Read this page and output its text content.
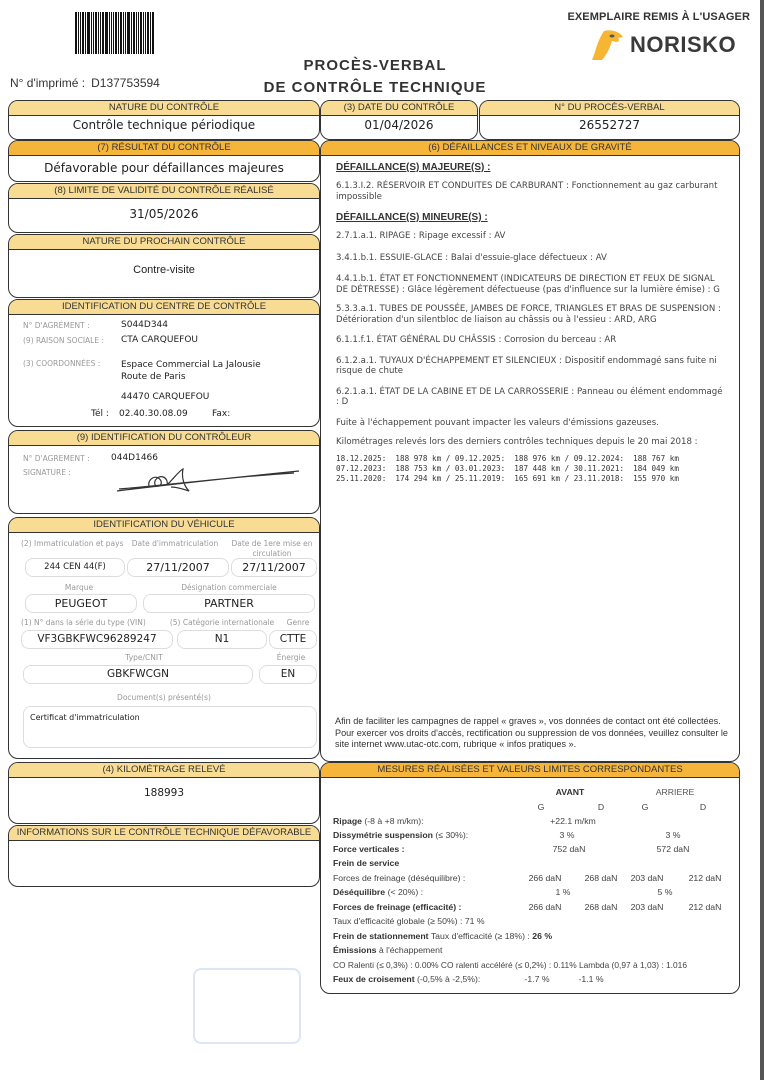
EXEMPLAIRE REMIS À L'USAGER
NORISKO
PROCÈS-VERBAL
DE CONTRÔLE TECHNIQUE
N° d'imprimé : D137753594
NATURE DU CONTRÔLE
Contrôle technique périodique
(3) DATE DU CONTRÔLE
01/04/2026
N° DU PROCÈS-VERBAL
26552727
(7) RÉSULTAT DU CONTRÔLE
Défavorable pour défaillances majeures
(8) LIMITE DE VALIDITÉ DU CONTRÔLE RÉALISÉ
31/05/2026
NATURE DU PROCHAIN CONTRÔLE
Contre-visite
IDENTIFICATION DU CENTRE DE CONTRÔLE
N° D'AGRÉMENT :	S044D344
(9) RAISON SOCIALE : CTA CARQUEFOU
(3) COORDONNÉES : Espace Commercial La Jalousie
Route de Paris
44470 CARQUEFOU
Tél : 02.40.30.08.09	Fax:
(9) IDENTIFICATION DU CONTRÔLEUR
N° D'AGREMENT : 044D1466
SIGNATURE :
IDENTIFICATION DU VÉHICULE
(2) Immatriculation et pays	Date d'immatriculation	Date de 1ere mise en circulation
244 CEN 44(F)	27/11/2007	27/11/2007
Marque	Désignation commerciale
PEUGEOT	PARTNER
(1) N° dans la série du type (VIN)	(5) Catégorie internationale	Genre
VF3GBKFWC96289247	N1	CTTE
Type/CNIT	Énergie
GBKFWCGN	EN
Document(s) présenté(s)
Certificat d'immatriculation
(4) KILOMÉTRAGE RELEVÉ
188993
INFORMATIONS SUR LE CONTRÔLE TECHNIQUE DÉFAVORABLE
(6) DÉFAILLANCES ET NIVEAUX DE GRAVITÉ
DÉFAILLANCE(S) MAJEURE(S) :
6.1.3.I.2. RÉSERVOIR ET CONDUITES DE CARBURANT : Fonctionnement au gaz carburant impossible
DÉFAILLANCE(S) MINEURE(S) :
2.7.1.a.1. RIPAGE : Ripage excessif : AV
3.4.1.b.1. ESSUIE-GLACE : Balai d'essuie-glace défectueux : AV
4.4.1.b.1. ÉTAT ET FONCTIONNEMENT (INDICATEURS DE DIRECTION ET FEUX DE SIGNAL DE DÉTRESSE) : Glâce légèrement défectueuse (pas d'influence sur la lumière émise) : G
5.3.3.a.1. TUBES DE POUSSÉE, JAMBES DE FORCE, TRIANGLES ET BRAS DE SUSPENSION : Détérioration d'un silentbloc de liaison au châssis ou à l'essieu : ARD, ARG
6.1.1.f.1. ÉTAT GÉNÉRAL DU CHÂSSIS : Corrosion du berceau : AR
6.1.2.a.1. TUYAUX D'ÉCHAPPEMENT ET SILENCIEUX : Dispositif endommagé sans fuite ni risque de chute
6.2.1.a.1. ÉTAT DE LA CABINE ET DE LA CARROSSERIE : Panneau ou élément endommagé : D
Fuite à l'échappement pouvant impacter les valeurs d'émissions gazeuses.
Kilométrages relevés lors des derniers contrôles techniques depuis le 20 mai 2018 :
18.12.2025:  188 978 km / 09.12.2025:  188 976 km / 09.12.2024:  188 767 km
07.12.2023:  188 753 km / 03.01.2023:  187 448 km / 30.11.2021:  184 049 km
25.11.2020:  174 294 km / 25.11.2019:  165 691 km / 23.11.2018:  155 970 km
Afin de faciliter les campagnes de rappel « graves », vos données de contact ont été collectées. Pour exercer vos droits d'accès, rectification ou suppression de vos données, veuillez consulter le site internet www.utac-otc.com, rubrique « infos pratiques ».
MESURES RÉALISÉES ET VALEURS LIMITES CORRESPONDANTES
AVANT	ARRIERE
G	D	G	D
Ripage (-8 à +8 m/km):	+22.1 m/km
Dissymétrie suspension (≤ 30%):	3 %	3 %
Force verticales :	752 daN	572 daN
Frein de service
Forces de freinage (déséquilibre) :	266 daN	268 daN	203 daN	212 daN
Déséquilibre (< 20%) :	1 %	5 %
Forces de freinage (efficacité) :	266 daN	268 daN	203 daN	212 daN
Taux d'efficacité globale (≥ 50%) : 71 %
Frein de stationnement Taux d'efficacité (≥ 18%) : 26 %
Émissions à l'échappement
CO Ralenti (≤ 0,3%) : 0.00% CO ralenti accéléré (≤ 0,2%) : 0.11% Lambda (0,97 à 1,03) : 1.016
Feux de croisement (-0,5% à -2,5%):	-1.7 %	-1.1 %
